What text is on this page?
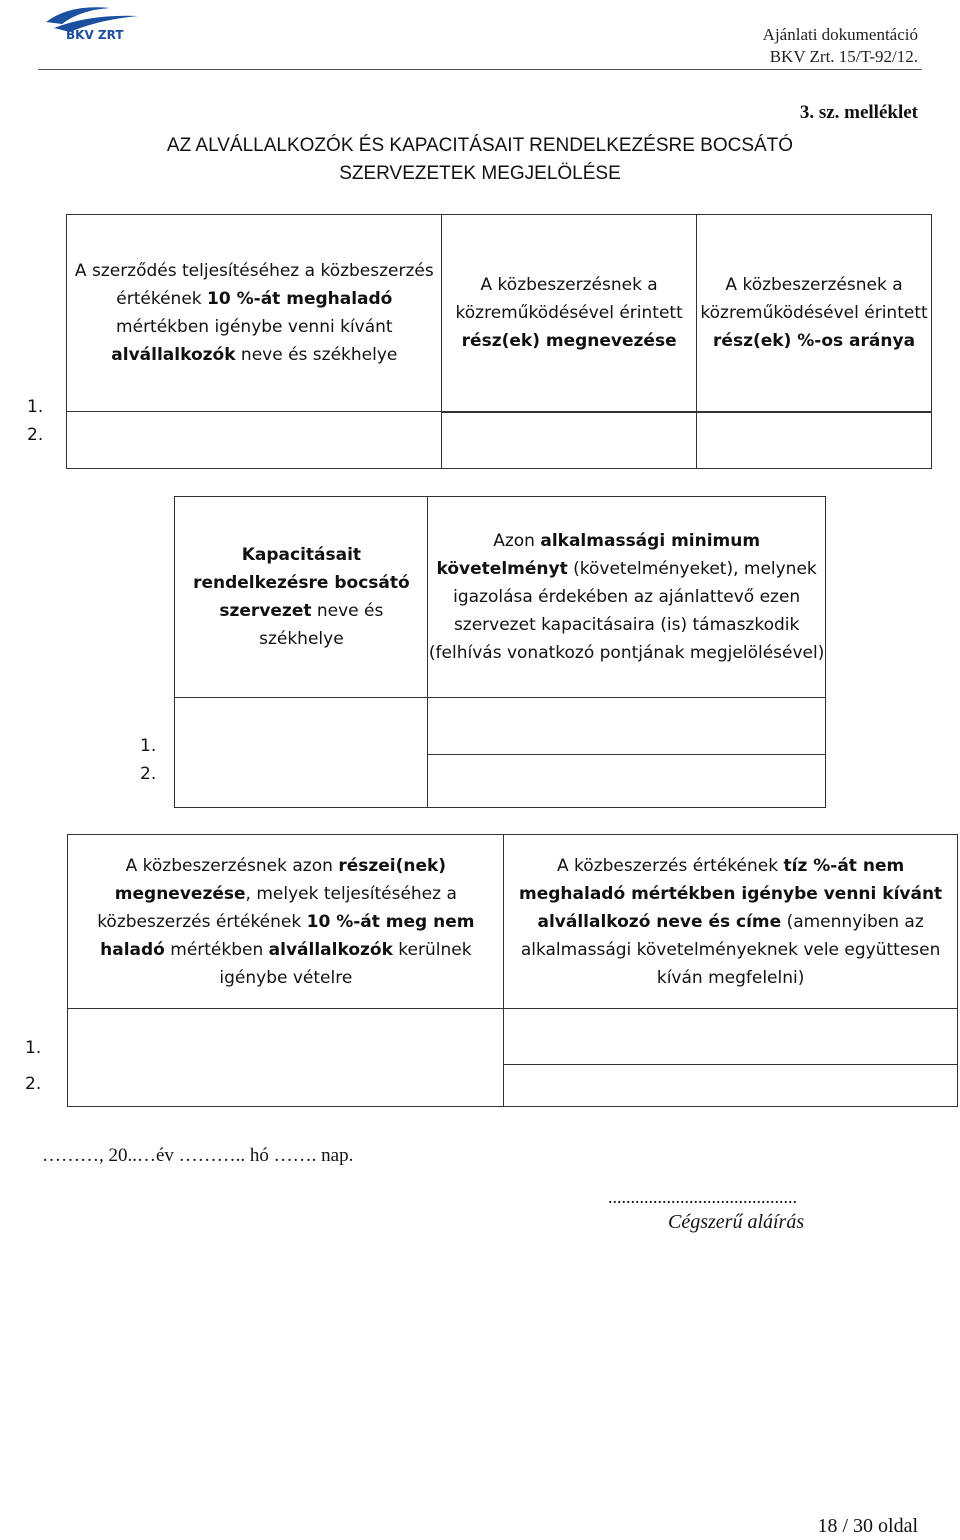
BKV ZRT	Ajánlati dokumentáció
BKV Zrt. 15/T-92/12.
3. sz. melléklet
AZ ALVÁLLALKOZÓK ÉS KAPACITÁSAIT RENDELKEZÉSRE BOCSÁTÓ
SZERVEZETEK MEGJELÖLÉSE
1.
2.	A szerződés teljesítéséhez a közbeszerzés értékének 10 %-át meghaladó mértékben igénybe venni kívánt alvállalkozók neve és székhelye	A közbeszerzésnek a közreműködésével érintett rész(ek) megnevezése	A közbeszerzésnek a közreműködésével érintett rész(ek) %-os aránya

1.
2.	Kapacitásait rendelkezésre bocsátó szervezet neve és székhelye	Azon alkalmassági minimum követelményt (követelményeket), melynek igazolása érdekében az ajánlattevő ezen szervezet kapacitásaira (is) támaszkodik (felhívás vonatkozó pontjának megjelölésével)

1.
2.	A közbeszerzésnek azon részei(nek) megnevezése, melyek teljesítéséhez a közbeszerzés értékének 10 %-át meg nem haladó mértékben alvállalkozók kerülnek igénybe vételre	A közbeszerzés értékének tíz %-át nem meghaladó mértékben igénybe venni kívánt alvállalkozó neve és címe (amennyiben az alkalmassági követelményeknek vele együttesen kíván megfelelni)

………, 20..…év ……….. hó ……. nap.
..........................................
Cégszerű aláírás
18 / 30 oldal
